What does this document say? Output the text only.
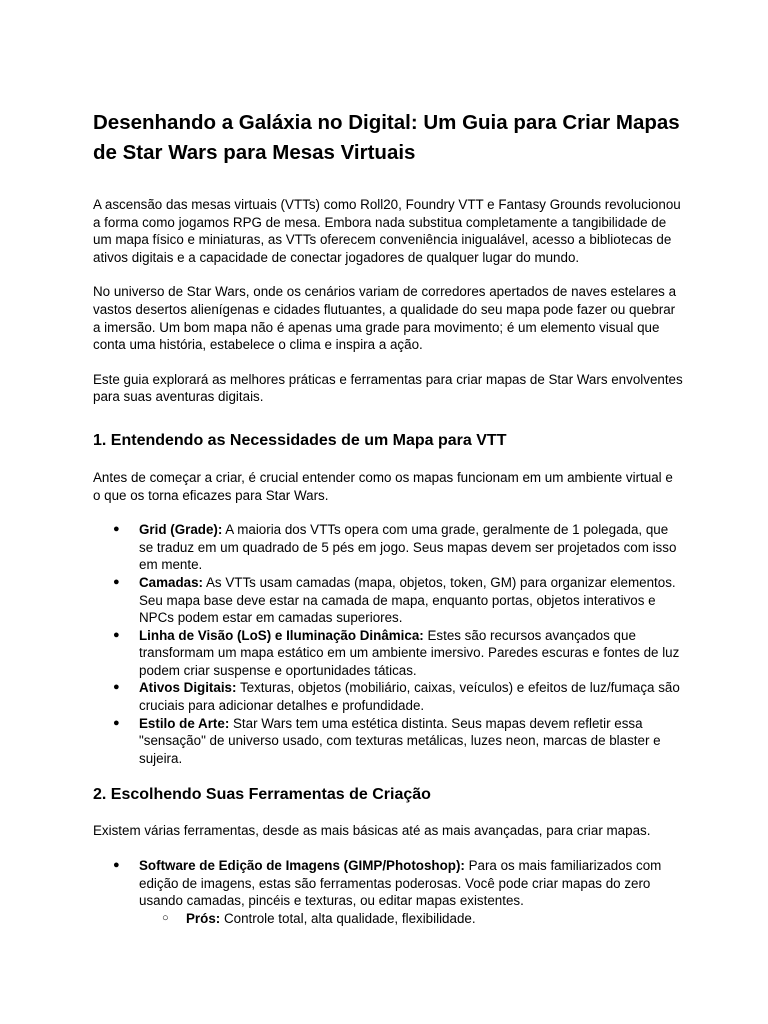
Desenhando a Galáxia no Digital: Um Guia para Criar Mapas de Star Wars para Mesas Virtuais

A ascensão das mesas virtuais (VTTs) como Roll20, Foundry VTT e Fantasy Grounds revolucionou a forma como jogamos RPG de mesa. Embora nada substitua completamente a tangibilidade de um mapa físico e miniaturas, as VTTs oferecem conveniência inigualável, acesso a bibliotecas de ativos digitais e a capacidade de conectar jogadores de qualquer lugar do mundo.

No universo de Star Wars, onde os cenários variam de corredores apertados de naves estelares a vastos desertos alienígenas e cidades flutuantes, a qualidade do seu mapa pode fazer ou quebrar a imersão. Um bom mapa não é apenas uma grade para movimento; é um elemento visual que conta uma história, estabelece o clima e inspira a ação.

Este guia explorará as melhores práticas e ferramentas para criar mapas de Star Wars envolventes para suas aventuras digitais.

1. Entendendo as Necessidades de um Mapa para VTT

Antes de começar a criar, é crucial entender como os mapas funcionam em um ambiente virtual e o que os torna eficazes para Star Wars.

● Grid (Grade): A maioria dos VTTs opera com uma grade, geralmente de 1 polegada, que se traduz em um quadrado de 5 pés em jogo. Seus mapas devem ser projetados com isso em mente.
● Camadas: As VTTs usam camadas (mapa, objetos, token, GM) para organizar elementos. Seu mapa base deve estar na camada de mapa, enquanto portas, objetos interativos e NPCs podem estar em camadas superiores.
● Linha de Visão (LoS) e Iluminação Dinâmica: Estes são recursos avançados que transformam um mapa estático em um ambiente imersivo. Paredes escuras e fontes de luz podem criar suspense e oportunidades táticas.
● Ativos Digitais: Texturas, objetos (mobiliário, caixas, veículos) e efeitos de luz/fumaça são cruciais para adicionar detalhes e profundidade.
● Estilo de Arte: Star Wars tem uma estética distinta. Seus mapas devem refletir essa "sensação" de universo usado, com texturas metálicas, luzes neon, marcas de blaster e sujeira.
2. Escolhendo Suas Ferramentas de Criação

Existem várias ferramentas, desde as mais básicas até as mais avançadas, para criar mapas.

● Software de Edição de Imagens (GIMP/Photoshop): Para os mais familiarizados com edição de imagens, estas são ferramentas poderosas. Você pode criar mapas do zero usando camadas, pincéis e texturas, ou editar mapas existentes.
○ Prós: Controle total, alta qualidade, flexibilidade.
